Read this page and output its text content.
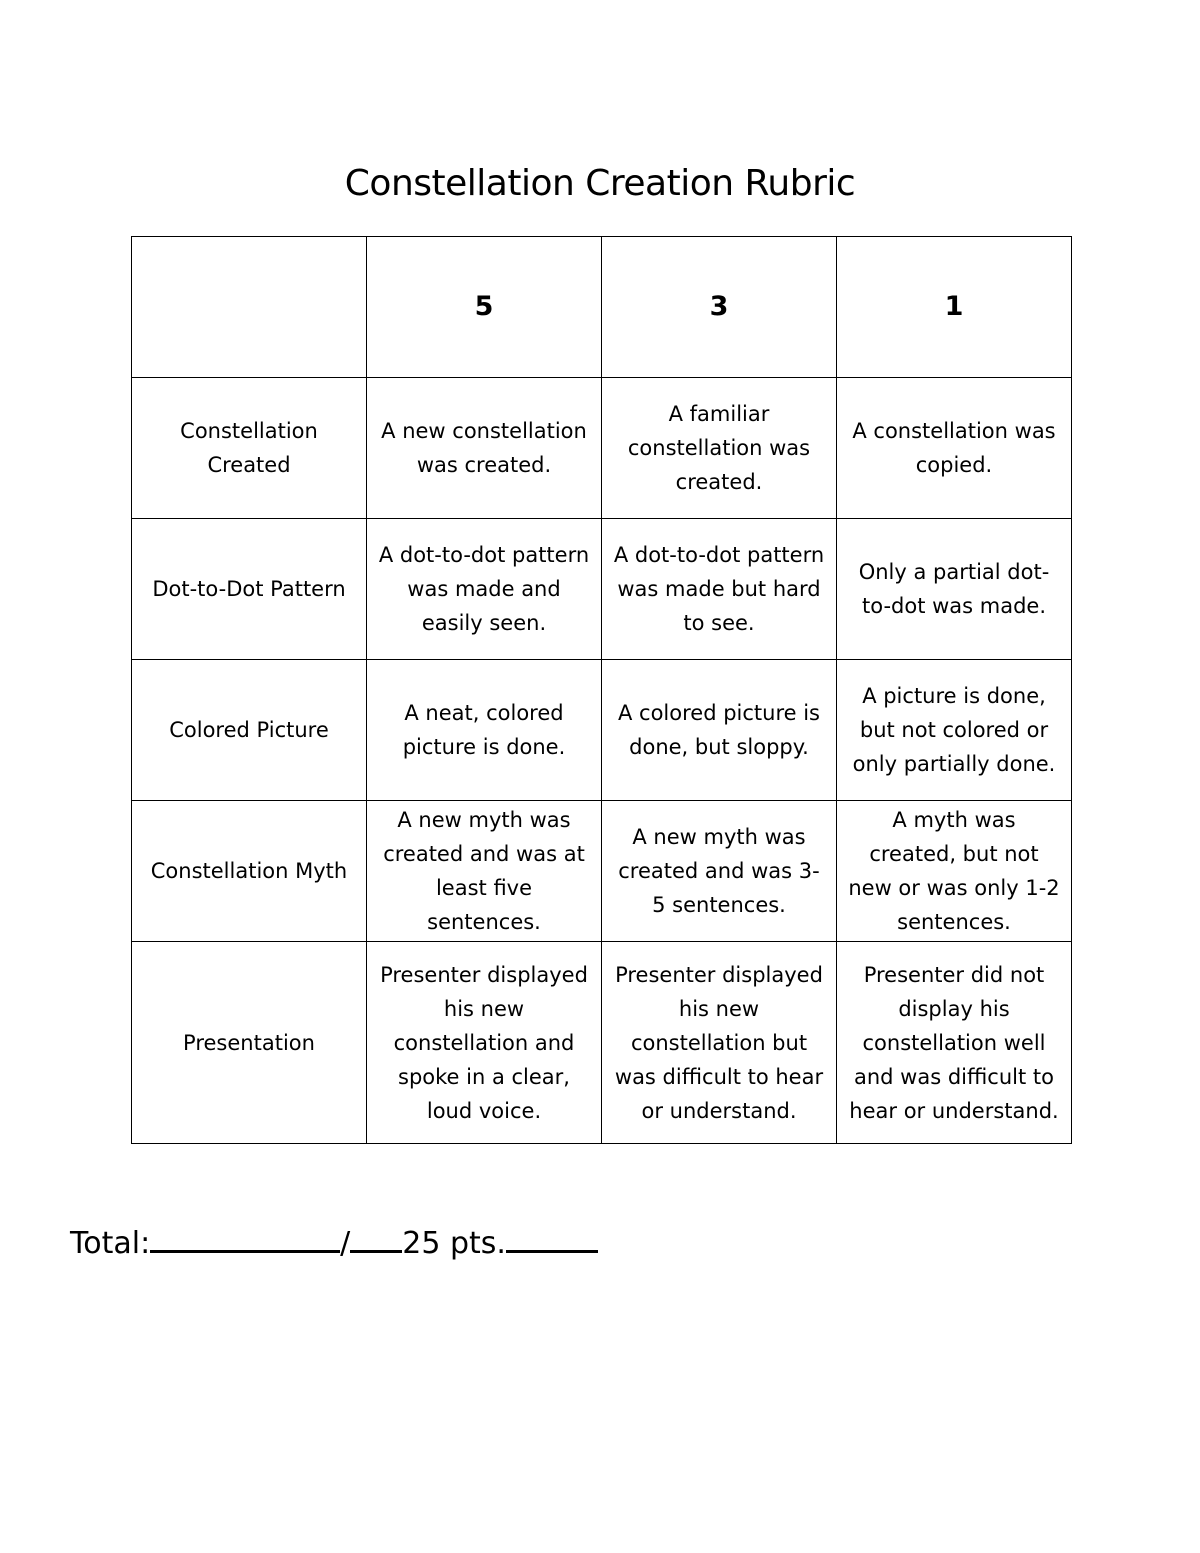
Constellation Creation Rubric
	5	3	1
Constellation Created	A new constellation was created.	A familiar constellation was created.	A constellation was copied.
Dot-to-Dot Pattern	A dot-to-dot pattern was made and easily seen.	A dot-to-dot pattern was made but hard to see.	Only a partial dot-to-dot was made.
Colored Picture	A neat, colored picture is done.	A colored picture is done, but sloppy.	A picture is done, but not colored or only partially done.
Constellation Myth	A new myth was created and was at least five sentences.	A new myth was created and was 3-5 sentences.	A myth was created, but not new or was only 1-2 sentences.
Presentation	Presenter displayed his new constellation and spoke in a clear, loud voice.	Presenter displayed his new constellation but was difficult to hear or understand.	Presenter did not display his constellation well and was difficult to hear or understand.
Total:	/ 25 pts.
